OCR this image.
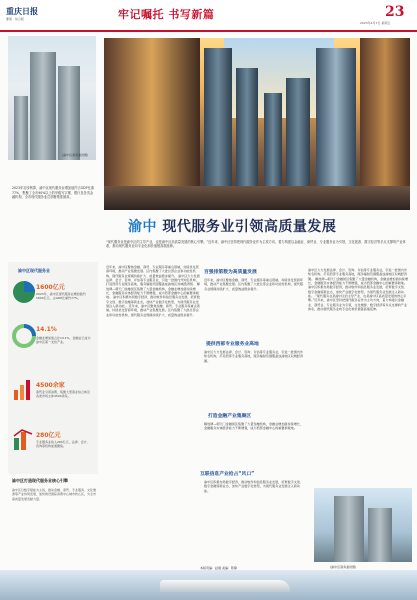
重庆日报
要闻 · 综合版	牢记嘱托 书写新篇	23
2023年4月7日 星期五
(渝中区商务委供图)
2023年初步核算，渝中区现代服务业增加值约占GDP比重77%，集聚了全市90%以上的甲级写字楼、银行及各类金融机构，全市现代服务业总部聚集度最高。
渝中区现代服务业
1600亿元
2023年，渝中区现代服务业增加值约1600亿元，占GDP比重约77%。
14.1%
金融业增加值占比14.1%，金融业已成为渝中区第一支柱产业。
4500余家
商贸业引领消费，集聚大型商业综合体及各类市场主体4500余家。
280亿元
专业服务业收入280亿元，法律、会计、咨询等机构加速聚集。
渝中区打造现代服务业核心引擎
渝中区以数字赋能为主线，推动金融、商贸、专业服务、文化旅游等产业协同发展，加快建设国际消费中心城市核心区，为全市高质量发展贡献力量。
渝中 现代服务业引领高质量发展
“现代服务业是渝中区的主导产业，也是渝中区高质量发展的核心引擎。”近年来，渝中区坚持把现代服务业作为主攻方向，着力构建以金融业、商贸业、专业服务业为引领，文化旅游、数字经济等多点支撑的产业体系，推动现代服务业向专业化和价值链高端延伸。
近年来，渝中区聚焦金融、商贸、专业服务等重点领域，持续优化营商环境，推动产业集聚发展。区内集聚了大批总部企业和功能性机构，现代服务业规模持续扩大、质量效益稳步提升。 渝中区大力发展法律、会计、咨询、评估等专业服务业，引进一批国内外知名机构，打造西部专业服务高地，服务辐射范围覆盖成渝地区双城经济圈。 解放碑—朝天门金融街区集聚了大量金融机构，金融业增加值持续增长，金融服务实体经济能力不断增强，成为西部金融中心的重要承载地。 渝中区积极布局数字经济，推动软件和信息服务业发展，培育数字文创、数字金融等新业态，加快产业数字化转型，为现代服务业发展注入新动能。 近年来，渝中区聚焦金融、商贸、专业服务等重点领域，持续优化营商环境，推动产业集聚发展。区内集聚了大批总部企业和功能性机构，现代服务业规模持续扩大、质量效益稳步提升。
百强排第数为高质量发展
近年来，渝中区聚焦金融、商贸、专业服务等重点领域，持续优化营商环境，推动产业集聚发展。区内集聚了大批总部企业和功能性机构，现代服务业规模持续扩大、质量效益稳步提升。
提供西部专业服务业高地
渝中区大力发展法律、会计、咨询、评估等专业服务业，引进一批国内外知名机构，打造西部专业服务高地，服务辐射范围覆盖成渝地区双城经济圈。
打造金融产业集聚区
解放碑—朝天门金融街区集聚了大量金融机构，金融业增加值持续增长，金融服务实体经济能力不断增强，成为西部金融中心的重要承载地。
互联信息产业抢占“风口”
渝中区积极布局数字经济，推动软件和信息服务业发展，培育数字文创、数字金融等新业态，加快产业数字化转型，为现代服务业发展注入新动能。
渝中区大力发展法律、会计、咨询、评估等专业服务业，引进一批国内外知名机构，打造西部专业服务高地，服务辐射范围覆盖成渝地区双城经济圈。 解放碑—朝天门金融街区集聚了大量金融机构，金融业增加值持续增长，金融服务实体经济能力不断增强，成为西部金融中心的重要承载地。 渝中区积极布局数字经济，推动软件和信息服务业发展，培育数字文创、数字金融等新业态，加快产业数字化转型，为现代服务业发展注入新动能。 “现代服务业是渝中区的主导产业，也是渝中区高质量发展的核心引擎。”近年来，渝中区坚持把现代服务业作为主攻方向，着力构建以金融业、商贸业、专业服务业为引领，文化旅游、数字经济等多点支撑的产业体系，推动现代服务业向专业化和价值链高端延伸。
(渝中区商务委供图)
本版责编：赵刚 美编：陈静
